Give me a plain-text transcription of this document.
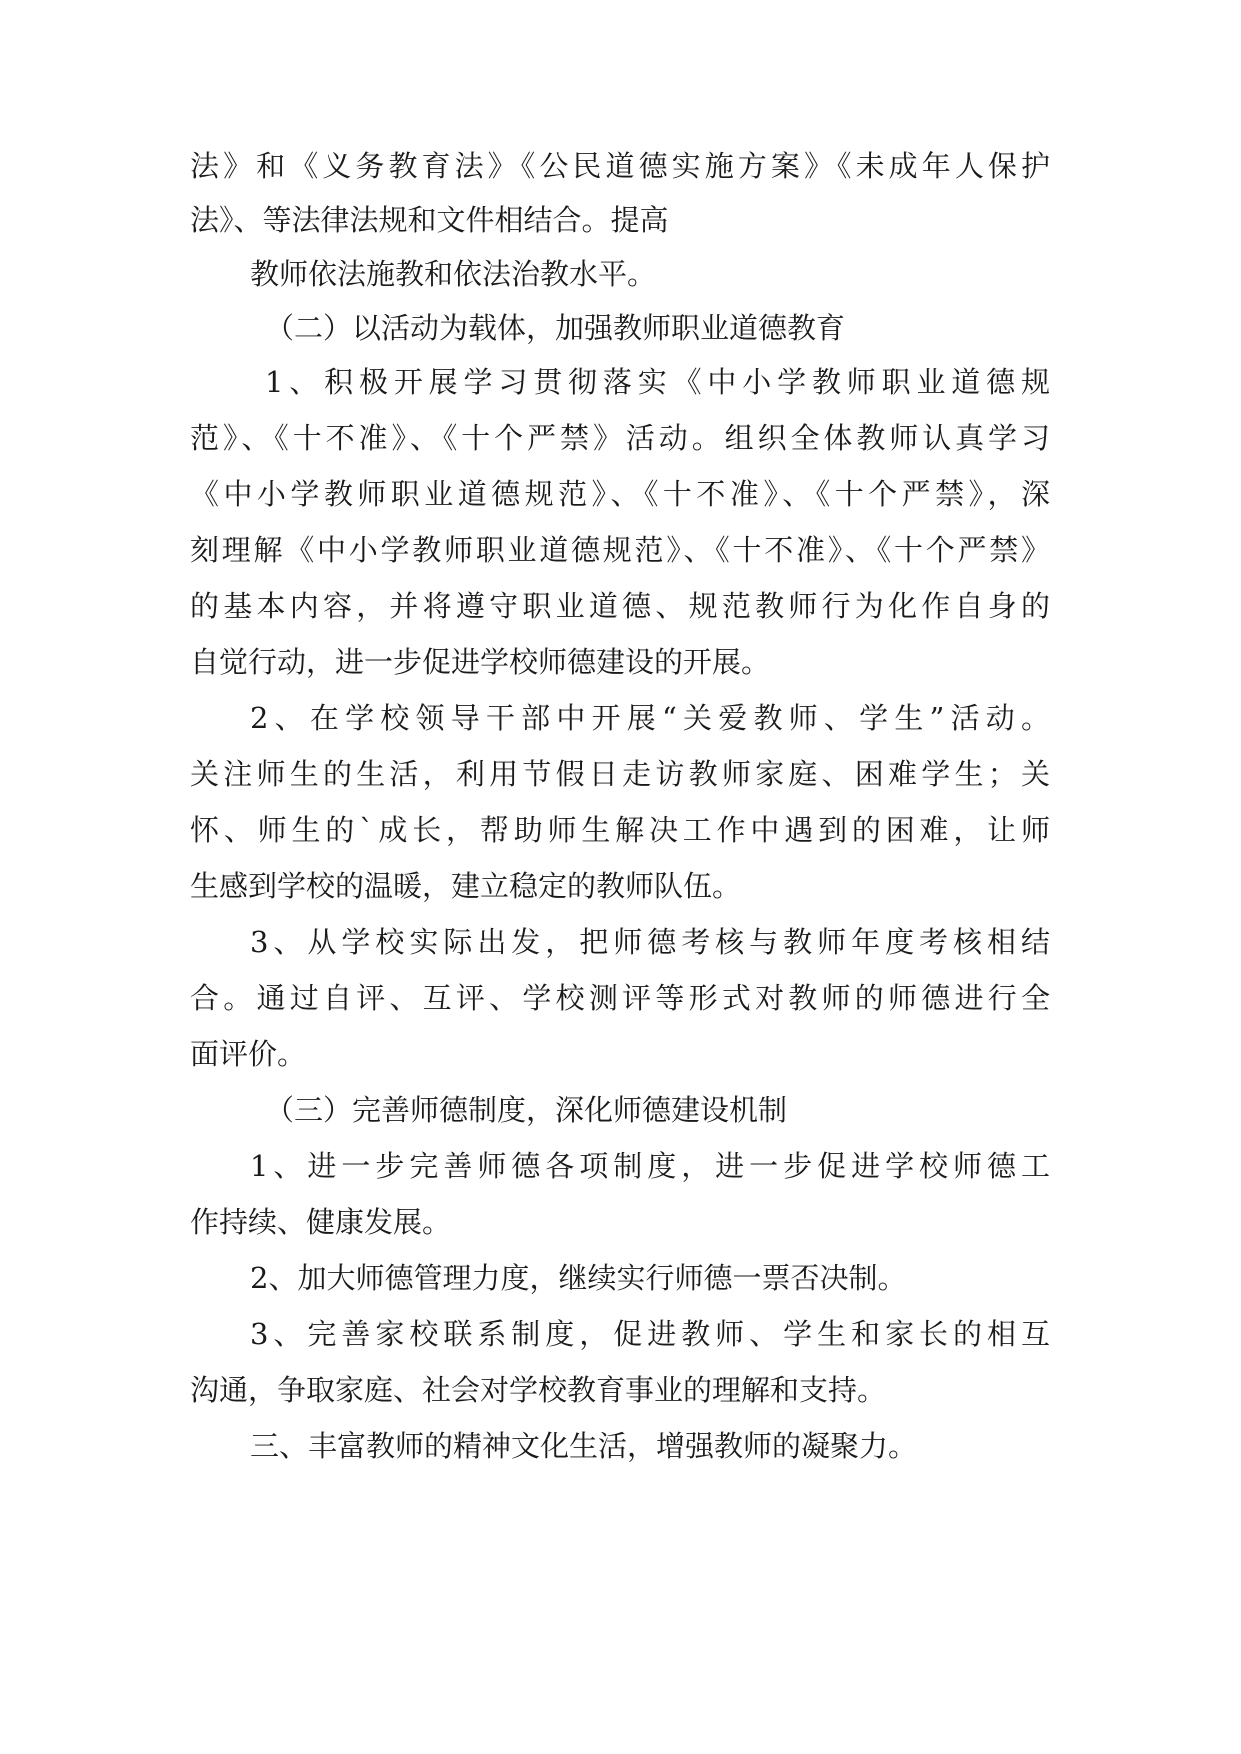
法》和《义务教育法》《公民道德实施方案》《未成年人保护

法》、等法律法规和文件相结合。提高

教师依法施教和依法治教水平。

（二）以活动为载体，加强教师职业道德教育

1、积极开展学习贯彻落实《中小学教师职业道德规

范》、《十不准》、《十个严禁》活动。组织全体教师认真学习

《中小学教师职业道德规范》、《十不准》、《十个严禁》，深

刻理解《中小学教师职业道德规范》、《十不准》、《十个严禁》

的基本内容，并将遵守职业道德、规范教师行为化作自身的

自觉行动，进一步促进学校师德建设的开展。

2、在学校领导干部中开展“关爱教师、学生”活动。

关注师生的生活，利用节假日走访教师家庭、困难学生；关

怀、师生的`成长，帮助师生解决工作中遇到的困难，让师

生感到学校的温暖，建立稳定的教师队伍。

3、从学校实际出发，把师德考核与教师年度考核相结

合。通过自评、互评、学校测评等形式对教师的师德进行全

面评价。

（三）完善师德制度，深化师德建设机制

1、进一步完善师德各项制度，进一步促进学校师德工

作持续、健康发展。

2、加大师德管理力度，继续实行师德一票否决制。

3、完善家校联系制度，促进教师、学生和家长的相互

沟通，争取家庭、社会对学校教育事业的理解和支持。

三、丰富教师的精神文化生活，增强教师的凝聚力。
